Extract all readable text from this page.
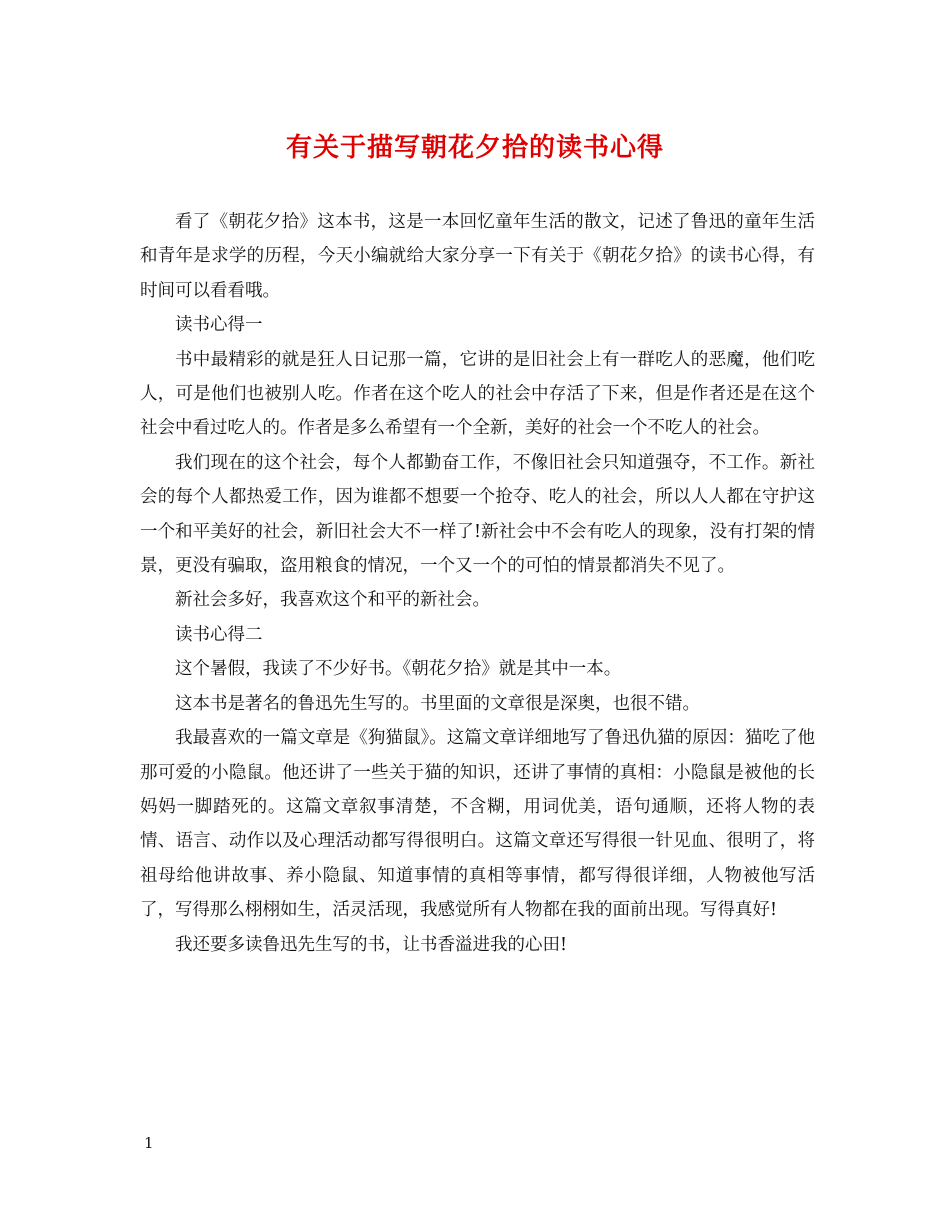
有关于描写朝花夕拾的读书心得

看了《朝花夕拾》这本书，这是一本回忆童年生活的散文，记述了鲁迅的童年生活和青年是求学的历程，今天小编就给大家分享一下有关于《朝花夕拾》的读书心得，有时间可以看看哦。

读书心得一

书中最精彩的就是狂人日记那一篇，它讲的是旧社会上有一群吃人的恶魔，他们吃人，可是他们也被别人吃。作者在这个吃人的社会中存活了下来，但是作者还是在这个社会中看过吃人的。作者是多么希望有一个全新，美好的社会一个不吃人的社会。

我们现在的这个社会，每个人都勤奋工作，不像旧社会只知道强夺，不工作。新社会的每个人都热爱工作，因为谁都不想要一个抢夺、吃人的社会，所以人人都在守护这一个和平美好的社会，新旧社会大不一样了!新社会中不会有吃人的现象，没有打架的情景，更没有骗取，盗用粮食的情况，一个又一个的可怕的情景都消失不见了。

新社会多好，我喜欢这个和平的新社会。

读书心得二

这个暑假，我读了不少好书。《朝花夕拾》就是其中一本。

这本书是著名的鲁迅先生写的。书里面的文章很是深奥，也很不错。

我最喜欢的一篇文章是《狗猫鼠》。这篇文章详细地写了鲁迅仇猫的原因：猫吃了他那可爱的小隐鼠。他还讲了一些关于猫的知识，还讲了事情的真相：小隐鼠是被他的长妈妈一脚踏死的。这篇文章叙事清楚，不含糊，用词优美，语句通顺，还将人物的表情、语言、动作以及心理活动都写得很明白。这篇文章还写得很一针见血、很明了，将祖母给他讲故事、养小隐鼠、知道事情的真相等事情，都写得很详细，人物被他写活了，写得那么栩栩如生，活灵活现，我感觉所有人物都在我的面前出现。写得真好!

我还要多读鲁迅先生写的书，让书香溢进我的心田!

1
